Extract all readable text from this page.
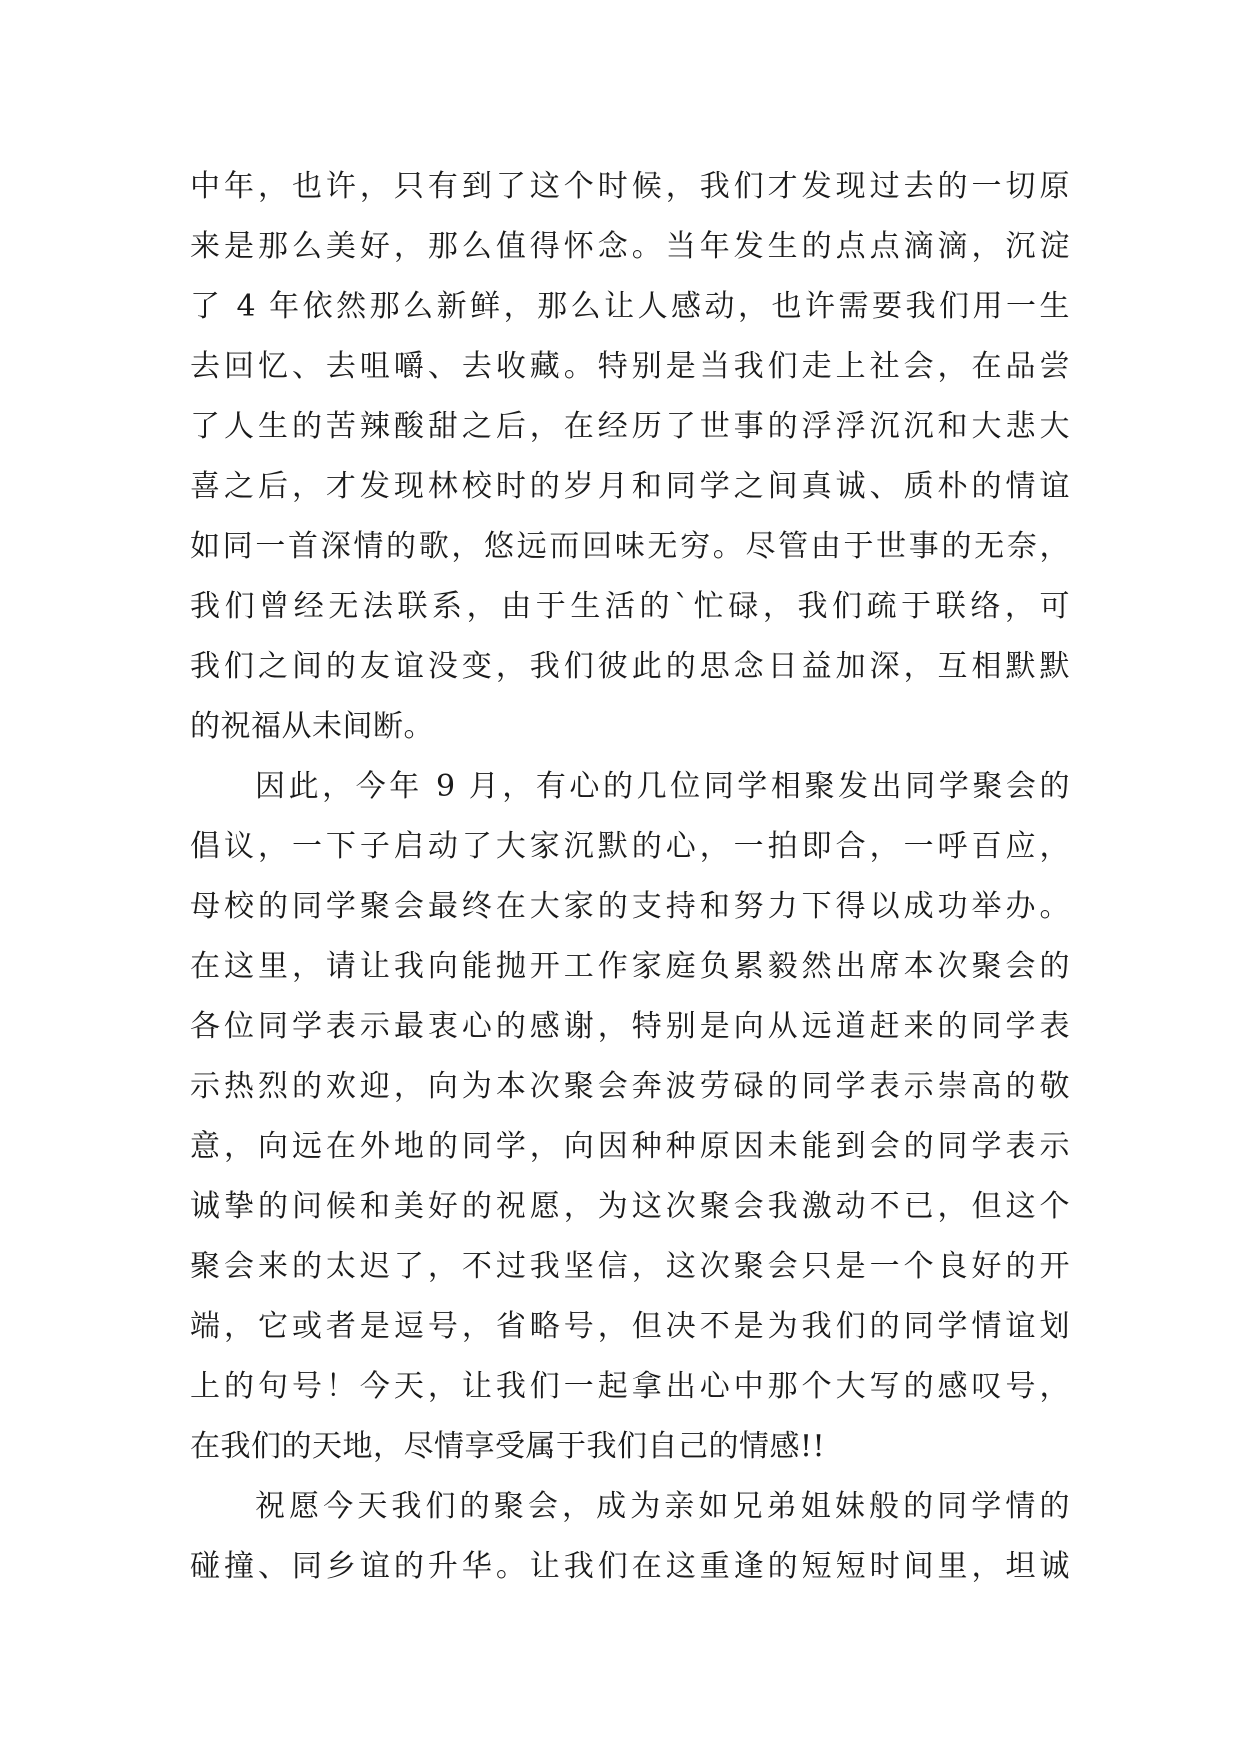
中年，也许，只有到了这个时候，我们才发现过去的一切原
来是那么美好，那么值得怀念。当年发生的点点滴滴，沉淀
了 4 年依然那么新鲜，那么让人感动，也许需要我们用一生
去回忆、去咀嚼、去收藏。特别是当我们走上社会，在品尝
了人生的苦辣酸甜之后，在经历了世事的浮浮沉沉和大悲大
喜之后，才发现林校时的岁月和同学之间真诚、质朴的情谊
如同一首深情的歌，悠远而回味无穷。尽管由于世事的无奈，
我们曾经无法联系，由于生活的`忙碌，我们疏于联络，可
我们之间的友谊没变，我们彼此的思念日益加深，互相默默
的祝福从未间断。
因此，今年 9 月，有心的几位同学相聚发出同学聚会的
倡议，一下子启动了大家沉默的心，一拍即合，一呼百应，
母校的同学聚会最终在大家的支持和努力下得以成功举办。
在这里，请让我向能抛开工作家庭负累毅然出席本次聚会的
各位同学表示最衷心的感谢，特别是向从远道赶来的同学表
示热烈的欢迎，向为本次聚会奔波劳碌的同学表示崇高的敬
意，向远在外地的同学，向因种种原因未能到会的同学表示
诚挚的问候和美好的祝愿，为这次聚会我激动不已，但这个
聚会来的太迟了，不过我坚信，这次聚会只是一个良好的开
端，它或者是逗号，省略号，但决不是为我们的同学情谊划
上的句号！今天，让我们一起拿出心中那个大写的感叹号，
在我们的天地，尽情享受属于我们自己的情感!!
祝愿今天我们的聚会，成为亲如兄弟姐妹般的同学情的
碰撞、同乡谊的升华。让我们在这重逢的短短时间里，坦诚
